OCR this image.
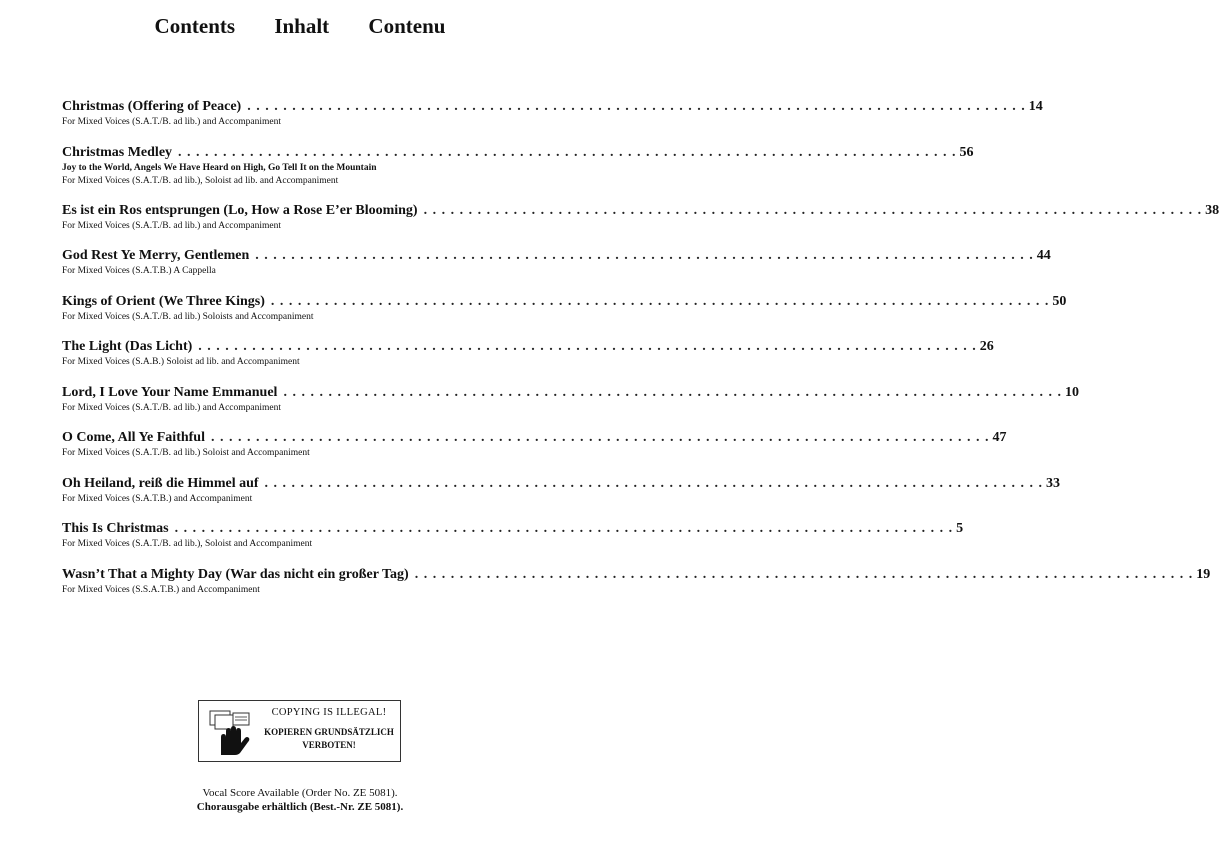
Contents Inhalt Contenu
Christmas (Offering of Peace) . . . . . . . . . . . . . . . . . . . . . . . . . . . . . . . . . . . . . . . . . . . . . . . . . . . . . . . . . . . . . . . . . . . . . . . . . . . . . . . . . . . . . . . 14
For Mixed Voices (S.A.T./B. ad lib.) and Accompaniment
Christmas Medley . . . . . . . . . . . . . . . . . . . . . . . . . . . . . . . . . . . . . . . . . . . . . . . . . . . . . . . . . . . . . . . . . . . . . . . . . . . . . . . . . . . . . . . 56
Joy to the World, Angels We Have Heard on High, Go Tell It on the Mountain
For Mixed Voices (S.A.T./B. ad lib.), Soloist ad lib. and Accompaniment
Es ist ein Ros entsprungen (Lo, How a Rose E’er Blooming) . . . . . . . . . . . . . . . . . . . . . . . . . . . . . . . . . . . . . . . . . . . . . . . . . . . . . . . . . . . . . . . . . . . . . . . . . . . . . . . . . . . . . . . 38
For Mixed Voices (S.A.T./B. ad lib.) and Accompaniment
God Rest Ye Merry, Gentlemen . . . . . . . . . . . . . . . . . . . . . . . . . . . . . . . . . . . . . . . . . . . . . . . . . . . . . . . . . . . . . . . . . . . . . . . . . . . . . . . . . . . . . . . 44
For Mixed Voices (S.A.T.B.) A Cappella
Kings of Orient (We Three Kings) . . . . . . . . . . . . . . . . . . . . . . . . . . . . . . . . . . . . . . . . . . . . . . . . . . . . . . . . . . . . . . . . . . . . . . . . . . . . . . . . . . . . . . . 50
For Mixed Voices (S.A.T./B. ad lib.) Soloists and Accompaniment
The Light (Das Licht) . . . . . . . . . . . . . . . . . . . . . . . . . . . . . . . . . . . . . . . . . . . . . . . . . . . . . . . . . . . . . . . . . . . . . . . . . . . . . . . . . . . . . . . 26
For Mixed Voices (S.A.B.) Soloist ad lib. and Accompaniment
Lord, I Love Your Name Emmanuel . . . . . . . . . . . . . . . . . . . . . . . . . . . . . . . . . . . . . . . . . . . . . . . . . . . . . . . . . . . . . . . . . . . . . . . . . . . . . . . . . . . . . . . 10
For Mixed Voices (S.A.T./B. ad lib.) and Accompaniment
O Come, All Ye Faithful . . . . . . . . . . . . . . . . . . . . . . . . . . . . . . . . . . . . . . . . . . . . . . . . . . . . . . . . . . . . . . . . . . . . . . . . . . . . . . . . . . . . . . . 47
For Mixed Voices (S.A.T./B. ad lib.) Soloist and Accompaniment
Oh Heiland, reiß die Himmel auf . . . . . . . . . . . . . . . . . . . . . . . . . . . . . . . . . . . . . . . . . . . . . . . . . . . . . . . . . . . . . . . . . . . . . . . . . . . . . . . . . . . . . . . 33
For Mixed Voices (S.A.T.B.) and Accompaniment
This Is Christmas . . . . . . . . . . . . . . . . . . . . . . . . . . . . . . . . . . . . . . . . . . . . . . . . . . . . . . . . . . . . . . . . . . . . . . . . . . . . . . . . . . . . . . . 5
For Mixed Voices (S.A.T./B. ad lib.), Soloist and Accompaniment
Wasn’t That a Mighty Day (War das nicht ein großer Tag) . . . . . . . . . . . . . . . . . . . . . . . . . . . . . . . . . . . . . . . . . . . . . . . . . . . . . . . . . . . . . . . . . . . . . . . . . . . . . . . . . . . . . . . 19
For Mixed Voices (S.S.A.T.B.) and Accompaniment
COPYING IS ILLEGAL!
KOPIEREN GRUNDSÄTZLICH
VERBOTEN!
Vocal Score Available (Order No. ZE 5081).
Chorausgabe erhältlich (Best.-Nr. ZE 5081).
